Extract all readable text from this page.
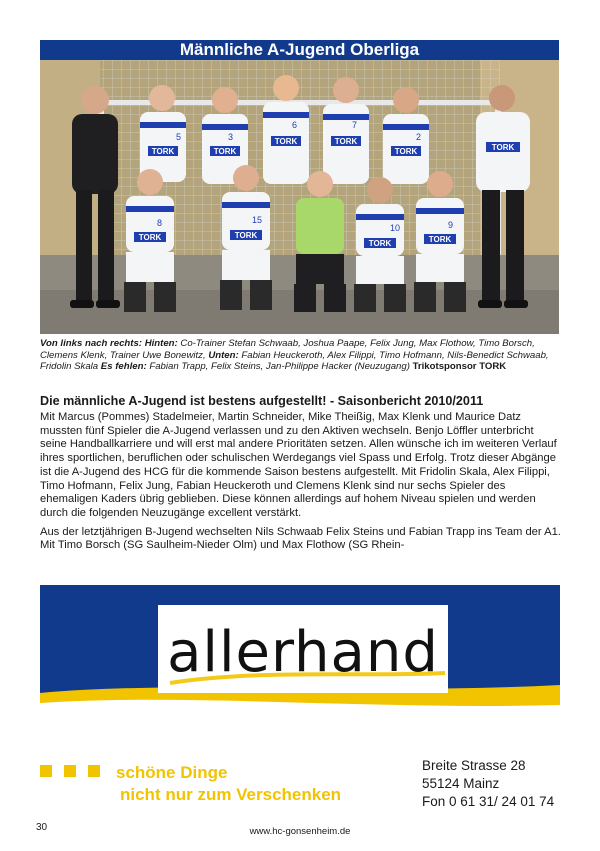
Männliche A-Jugend Oberliga
5	3
6	7
2
8	15
10	9
TORK	TORK
TORK	TORK
TORK	TORK
TORK	TORK
TORK	TORK
Von links nach rechts: Hinten: Co-Trainer Stefan Schwaab, Joshua Paape, Felix Jung, Max Flothow, Timo Borsch, Clemens Klenk, Trainer Uwe Bonewitz, Unten: Fabian Heuckeroth, Alex Filippi, Timo Hofmann, Nils-Benedict Schwaab, Fridolin Skala Es fehlen: Fabian Trapp, Felix Steins, Jan-Philippe Hacker (Neuzugang) Trikotsponsor TORK
Die männliche A-Jugend ist bestens aufgestellt! - Saisonbericht 2010/2011

Mit Marcus (Pommes) Stadelmeier, Martin Schneider, Mike Theißig, Max Klenk und Maurice Datz mussten fünf Spieler die A-Jugend verlassen und zu den Aktiven wechseln. Benjo Löffler unterbricht seine Handballkarriere und will erst mal andere Prioritäten setzen. Allen wünsche ich im weiteren Verlauf ihres sportlichen, beruflichen oder schulischen Werdegangs viel Spass und Erfolg. Trotz dieser Abgänge ist die A-Jugend des HCG für die kommende Saison bestens aufgestellt. Mit Fridolin Skala, Alex Filippi, Timo Hofmann, Felix Jung, Fabian Heuckeroth und Clemens Klenk sind nur sechs Spieler des ehemaligen Kaders übrig geblieben. Diese können allerdings auf hohem Niveau spielen und werden durch die folgenden Neuzugänge excellent verstärkt.

Aus der letztjährigen B-Jugend wechselten Nils Schwaab Felix Steins und Fabian Trapp ins Team der A1. Mit Timo Borsch (SG Saulheim-Nieder Olm) und Max Flothow (SG Rhein-

allerhand
schöne Dinge
nicht nur zum Verschenken
Breite Strasse 28
55124 Mainz
Fon 0 61 31/ 24 01 74
30	www.hc-gonsenheim.de
